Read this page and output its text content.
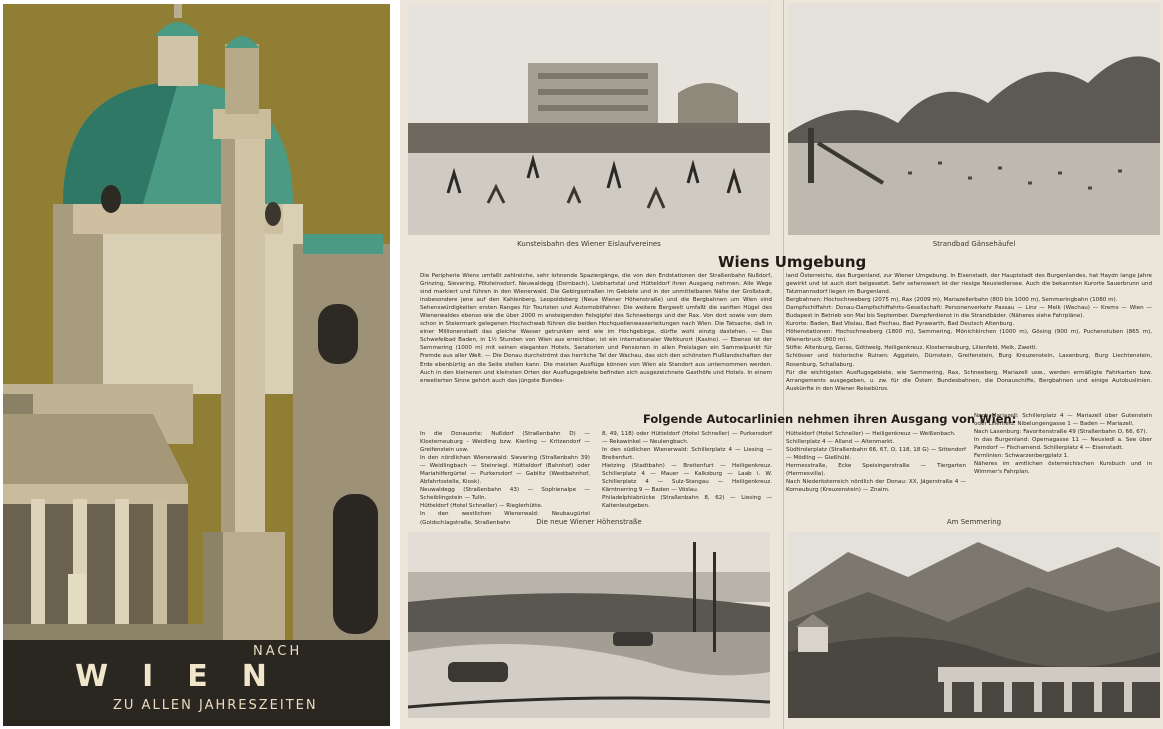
NACH
WIEN
ZU ALLEN JAHRESZEITEN
Kunsteisbahn des Wiener Eislaufvereines	Strandbad Gänsehäufel
Wiens Umgebung

Die Peripherie Wiens umfaßt zahlreiche, sehr lohnende Spaziergänge, die von den Endstationen der Straßenbahn Nußdorf, Grinzing, Sievering, Pötzleinsdorf, Neuwaldegg (Dornbach), Liebhartstal und Hütteldorf ihren Ausgang nehmen. Alle Wege sind markiert und führen in den Wienerwald. Die Gebirgsstraßen im Gebiete und in der unmittelbaren Nähe der Großstadt, insbesondere jene auf den Kahlenberg, Leopoldsberg (Neue Wiener Höhenstraße) und die Bergbahnen um Wien sind Sehenswürdigkeiten ersten Ranges für Touristen und Automobilfahrer. Die weitere Bergwelt umfaßt die sanften Hügel des Wienerwaldes ebenso wie die über 2000 m ansteigenden Felsgipfel des Schneebergs und der Rax. Von dort sowie von dem schon in Steiermark gelegenen Hochschwab führen die beiden Hochquellenwasserleitungen nach Wien. Die Tatsache, daß in einer Millionenstadt das gleiche Wasser getrunken wird wie im Hochgebirge, dürfte wohl einzig dastehen. — Das Schwefelbad Baden, in 1½ Stunden von Wien aus erreichbar, ist ein internationaler Weltkurort (Kasino). — Ebenso ist der Semmering (1000 m) mit seinen eleganten Hotels, Sanatorien und Pensionen in allen Preislagen ein Sammelpunkt für Fremde aus aller Welt. — Die Donau durchströmt das herrliche Tal der Wachau, das sich den schönsten Flußlandschaften der Erde ebenbürtig an die Seite stellen kann. Die meisten Ausflüge können von Wien als Standort aus unternommen werden. Auch in den kleineren und kleinsten Orten der Ausflugsgebiete befinden sich ausgezeichnete Gasthöfe und Hotels. In einem erweiterten Sinne gehört auch das jüngste Bundes-

land Österreichs, das Burgenland, zur Wiener Umgebung. In Eisenstadt, der Hauptstadt des Burgenlandes, hat Haydn lange Jahre gewirkt und ist auch dort beigesetzt. Sehr sehenswert ist der riesige Neusiedlersee. Auch die bekannten Kurorte Sauerbrunn und Tatzmannsdorf liegen im Burgenland.

Bergbahnen: Hochschneeberg (2075 m), Rax (2009 m), Mariazellerbahn (800 bis 1000 m), Semmeringbahn (1080 m).

Dampfschiffahrt: Donau-Dampfschiffahrts-Gesellschaft: Personenverkehr Passau — Linz — Melk (Wachau) — Krems — Wien — Budapest in Betrieb von Mai bis September. Dampferdienst in die Strandbäder. (Näheres siehe Fahrpläne).

Kurorte: Baden, Bad Vöslau, Bad Fischau, Bad Pyrawarth, Bad Deutsch Altenburg.

Höhenstationen: Hochschneeberg (1800 m), Semmering, Mönichkirchen (1000 m), Gösing (900 m), Puchenstuben (865 m), Wienerbruck (800 m).

Stifte: Altenburg, Geras, Göttweig, Heiligenkreuz, Klosterneuburg, Lilienfeld, Melk, Zwettl.

Schlösser und historische Ruinen: Aggstein, Dürnstein, Greifenstein, Burg Kreuzenstein, Laxenburg, Burg Liechtenstein, Rosenburg, Schallaburg.

Für die wichtigsten Ausflugsgebiete, wie Semmering, Rax, Schneeberg, Mariazell usw., werden ermäßigte Fahrkarten bzw. Arrangements ausgegeben, u. zw. für die Österr. Bundesbahnen, die Donauschiffe, Bergbahnen und einige Autobuslinien. Auskünfte in den Wiener Reisebüros.

Folgende Autocarlinien nehmen ihren Ausgang von Wien:

In die Donauorte: Nußdorf (Straßenbahn D) — Klosterneuburg - Weidling bzw. Kierling — Kritzendorf — Greifenstein usw.

In den nördlichen Wienerwald: Sievering (Straßenbahn 39) — Weidlingbach — Steinriegl. Hütteldorf (Bahnhof) oder Mariahilfergürtel — Purkersdorf — Gablitz (Westbahnhof, Abfahrtsstelle, Kiosk).

Neuwaldegg (Straßenbahn 43) — Sophienalpe — Scheiblingstein — Tulln.

Hütteldorf (Hotel Schneller) — Rieglerhütte.

In den westlichen Wienerwald: Neubaugürtel (Goldschlagstraße, Straßenbahn

8, 49, 118) oder Hütteldorf (Hotel Schneller) — Purkersdorf — Rekawinkel — Neulengbach.

In den südlichen Wienerwald: Schillerplatz 4 — Liesing — Breitenfurt.

Hietzing (Stadtbahn) — Breitenfurt — Heiligenkreuz. Schillerplatz 4 — Mauer — Kalksburg — Laab i. W. Schillerplatz 4 — Sulz-Stangau — Heiligenkreuz. Kärntnerring 9 — Baden — Vöslau.

Philadelphiabrücke (Straßenbahn 8, 62) — Liesing — Kaltenleutgeben.

Hütteldorf (Hotel Schneller) — Heiligenkreuz — Weißenbach.

Schillerplatz 4 — Alland — Altenmarkt.

Südtirolerplatz (Straßenbahn 66, 67, O, 118, 18 G) — Sittendorf — Mödling — Gießhübl.

Hermesstraße, Ecke Speisingerstraße — Tiergarten (Hermesvilla).

Nach Niederösterreich nördlich der Donau: XX, Jägerstraße 4 — Korneuburg (Kreuzenstein) — Znaim.

Nach Mariazell: Schillerplatz 4 — Mariazell über Gutenstein oder Lilienfeld. Nibelungengasse 1 — Baden — Mariazell.

Nach Laxenburg: Favoritenstraße 49 (Straßenbahn O, 66, 67).

In das Burgenland: Opernagasse 11 — Neusiedl a. See über Parndorf — Fischamend. Schillerplatz 4 — Eisenstadt.

Fernlinien: Schwarzenbergplatz 1.

Näheres im amtlichen österreichischen Kursbuch und in Wimmer's Fahrplan.

Die neue Wiener Höhenstraße	Am Semmering
